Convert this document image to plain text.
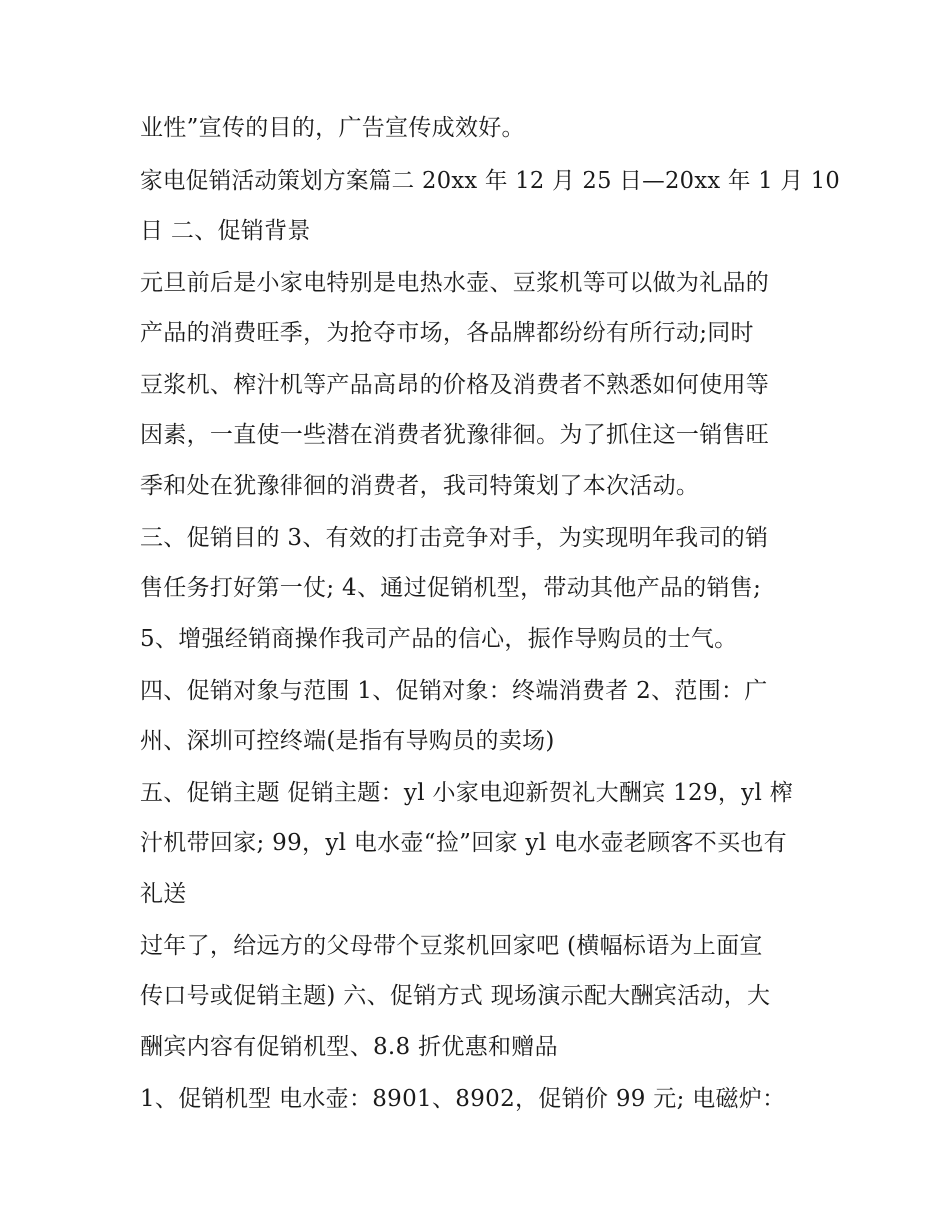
业性”宣传的目的，广告宣传成效好。

家电促销活动策划方案篇二 20xx 年 12 月 25 日—20xx 年 1 月 10

日 二、促销背景

元旦前后是小家电特别是电热水壶、豆浆机等可以做为礼品的

产品的消费旺季，为抢夺市场，各品牌都纷纷有所行动;同时

豆浆机、榨汁机等产品高昂的价格及消费者不熟悉如何使用等

因素，一直使一些潜在消费者犹豫徘徊。为了抓住这一销售旺

季和处在犹豫徘徊的消费者，我司特策划了本次活动。

三、促销目的 3、有效的打击竞争对手，为实现明年我司的销

售任务打好第一仗; 4、通过促销机型，带动其他产品的销售;

5、增强经销商操作我司产品的信心，振作导购员的士气。

四、促销对象与范围 1、促销对象：终端消费者 2、范围：广

州、深圳可控终端(是指有导购员的卖场)

五、促销主题 促销主题：yl 小家电迎新贺礼大酬宾 129，yl 榨

汁机带回家; 99，yl 电水壶“捡”回家 yl 电水壶老顾客不买也有

礼送

过年了，给远方的父母带个豆浆机回家吧 (横幅标语为上面宣

传口号或促销主题) 六、促销方式 现场演示配大酬宾活动，大

酬宾内容有促销机型、8.8 折优惠和赠品

1、促销机型 电水壶：8901、8902，促销价 99 元; 电磁炉：
